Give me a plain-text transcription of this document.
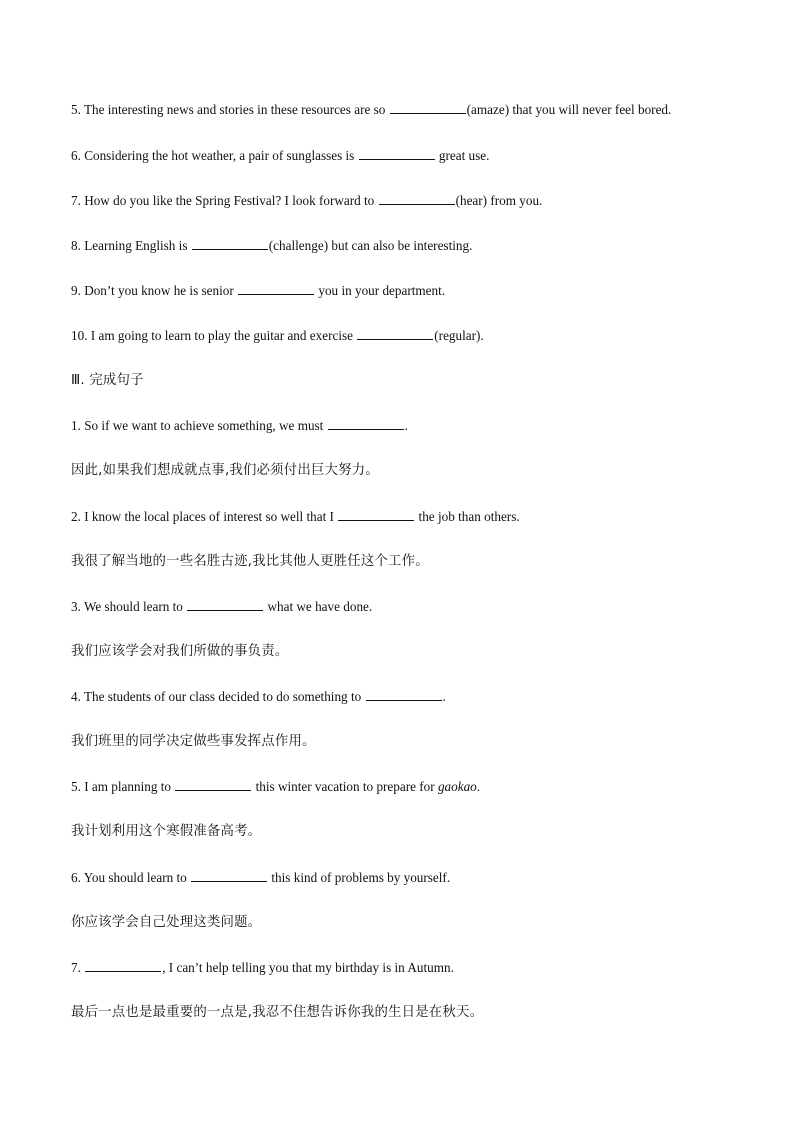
5. The interesting news and stories in these resources are so	(amaze) that you will never feel bored.
6. Considering the hot weather, a pair of sunglasses is	great use.
7. How do you like the Spring Festival? I look forward to	(hear) from you.
8. Learning English is	(challenge) but can also be interesting.
9. Don’t you know he is senior	you in your department.
10. I am going to learn to play the guitar and exercise	(regular).
Ⅲ. 完成句子
1. So if we want to achieve something, we must	.
因此,如果我们想成就点事,我们必须付出巨大努力。
2. I know the local places of interest so well that I	the job than others.
我很了解当地的一些名胜古迹,我比其他人更胜任这个工作。
3. We should learn to	what we have done.
我们应该学会对我们所做的事负责。
4. The students of our class decided to do something to	.
我们班里的同学决定做些事发挥点作用。
5. I am planning to	this winter vacation to prepare for gaokao.
我计划利用这个寒假准备高考。
6. You should learn to	this kind of problems by yourself.
你应该学会自己处理这类问题。
7.	, I can’t help telling you that my birthday is in Autumn.
最后一点也是最重要的一点是,我忍不住想告诉你我的生日是在秋天。
